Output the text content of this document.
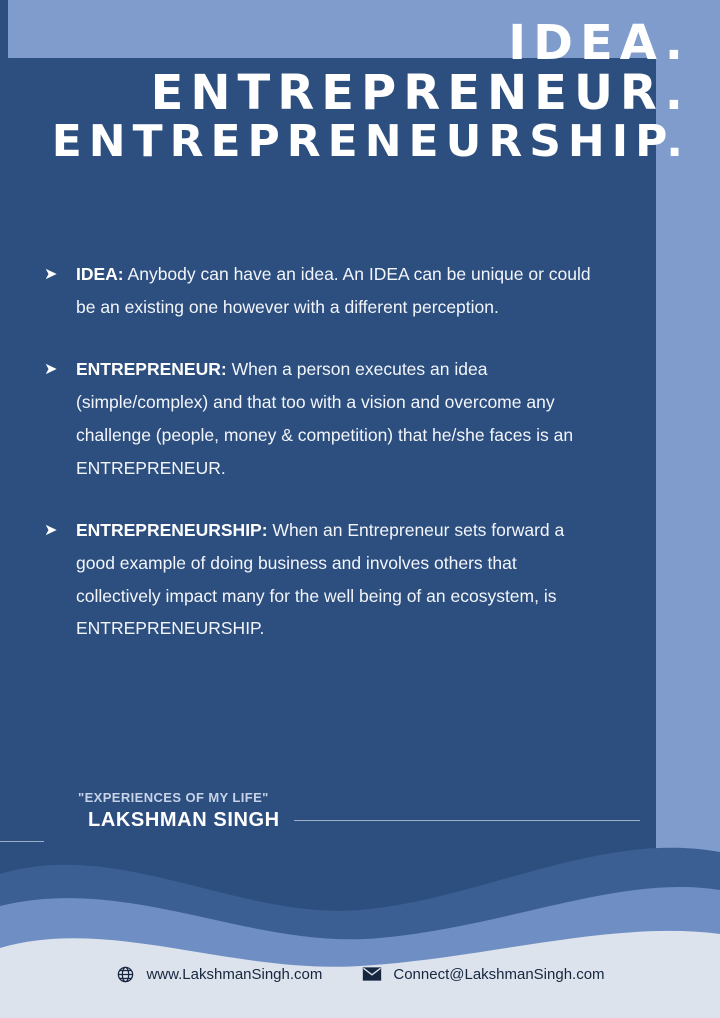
IDEA.
ENTREPRENEUR.
ENTREPRENEURSHIP.
➤ IDEA: Anybody can have an idea. An IDEA can be unique or could be an existing one however with a different perception.
➤ ENTREPRENEUR: When a person executes an idea (simple/complex) and that too with a vision and overcome any challenge (people, money & competition) that he/she faces is an ENTREPRENEUR.
➤ ENTREPRENEURSHIP: When an Entrepreneur sets forward a good example of doing business and involves others that collectively impact many for the well being of an ecosystem, is ENTREPRENEURSHIP.
"EXPERIENCES OF MY LIFE"
LAKSHMAN SINGH
www.LakshmanSingh.com	Connect@LakshmanSingh.com
